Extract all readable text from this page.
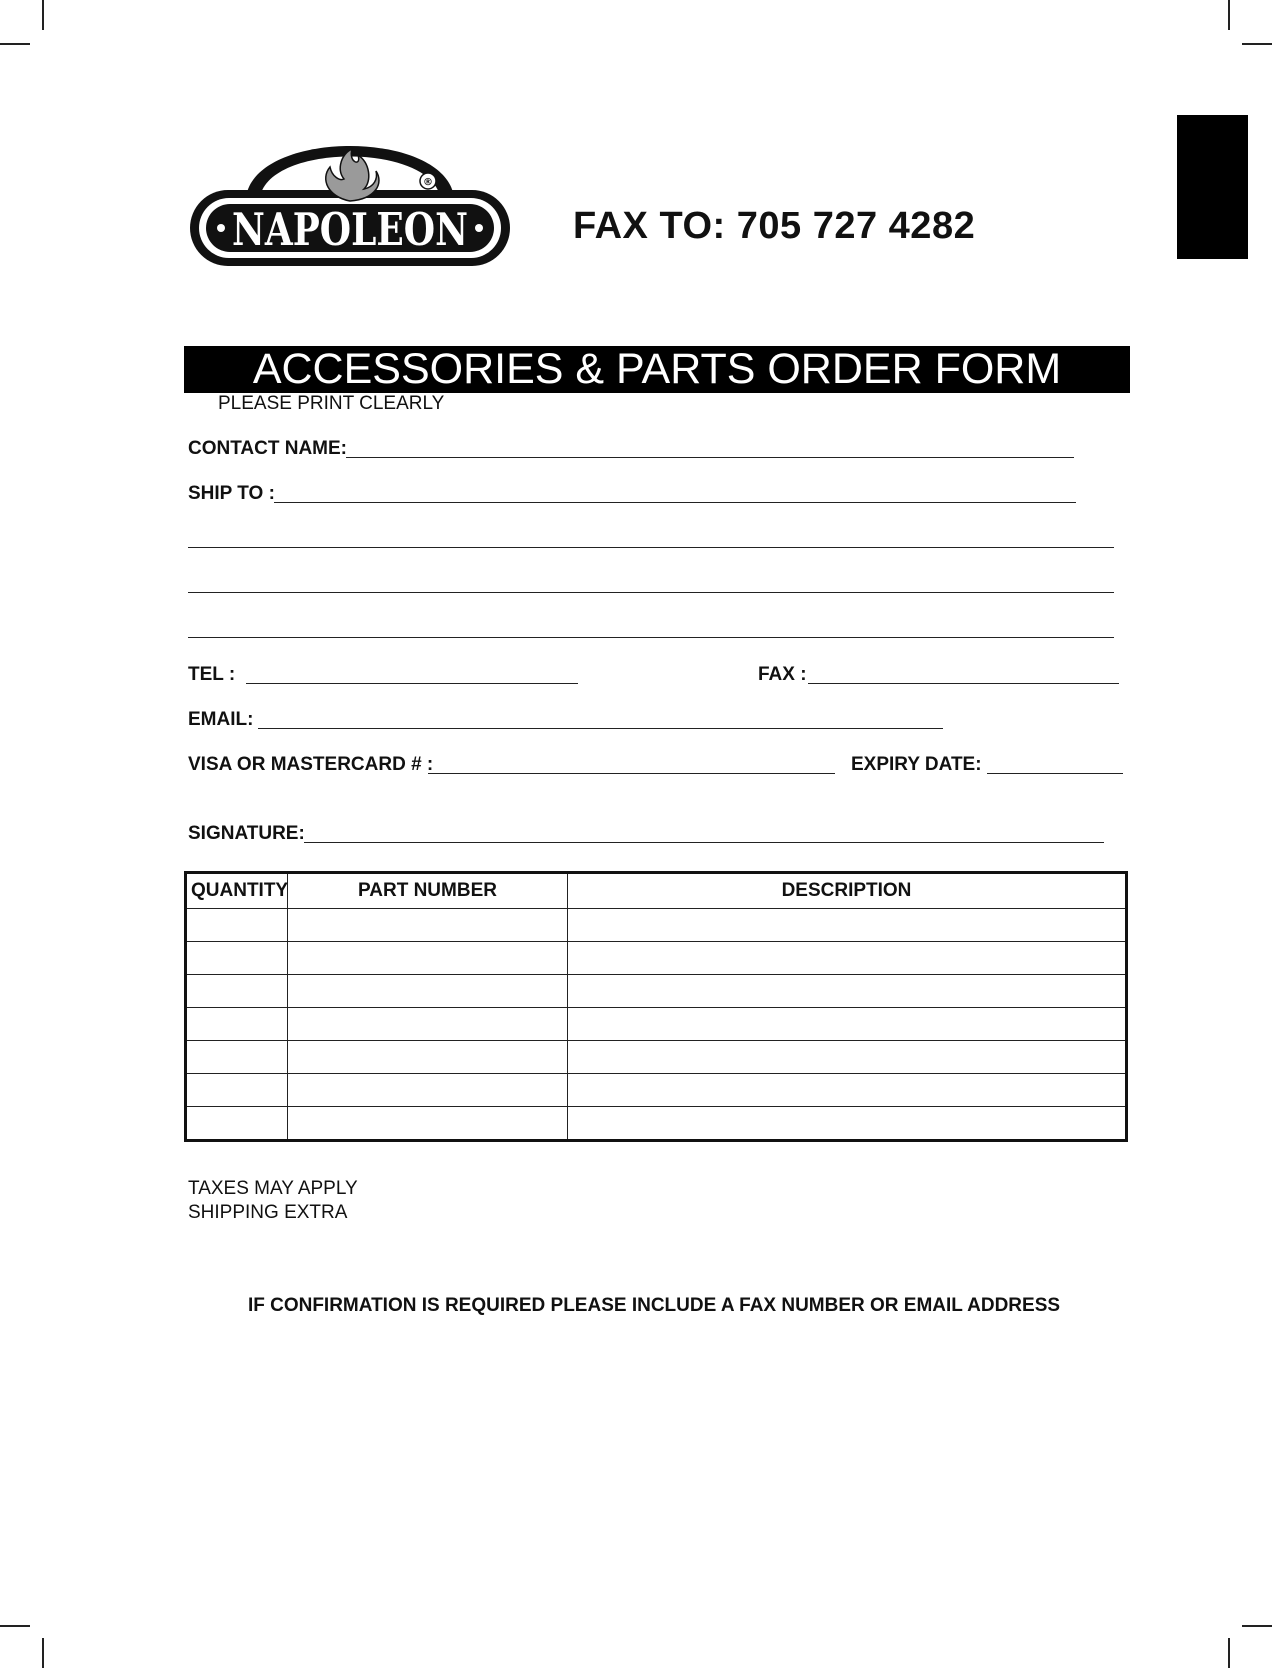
®
NAPOLEON	FAX TO: 705 727 4282
ACCESSORIES & PARTS ORDER FORM
PLEASE PRINT CLEARLY
CONTACT NAME:
SHIP TO :
TEL :	FAX :
EMAIL:
VISA OR MASTERCARD # :	EXPIRY DATE:
SIGNATURE:
QUANTITY	PART NUMBER	DESCRIPTION

TAXES MAY APPLY
SHIPPING EXTRA
IF CONFIRMATION IS REQUIRED PLEASE INCLUDE A FAX NUMBER OR EMAIL ADDRESS
